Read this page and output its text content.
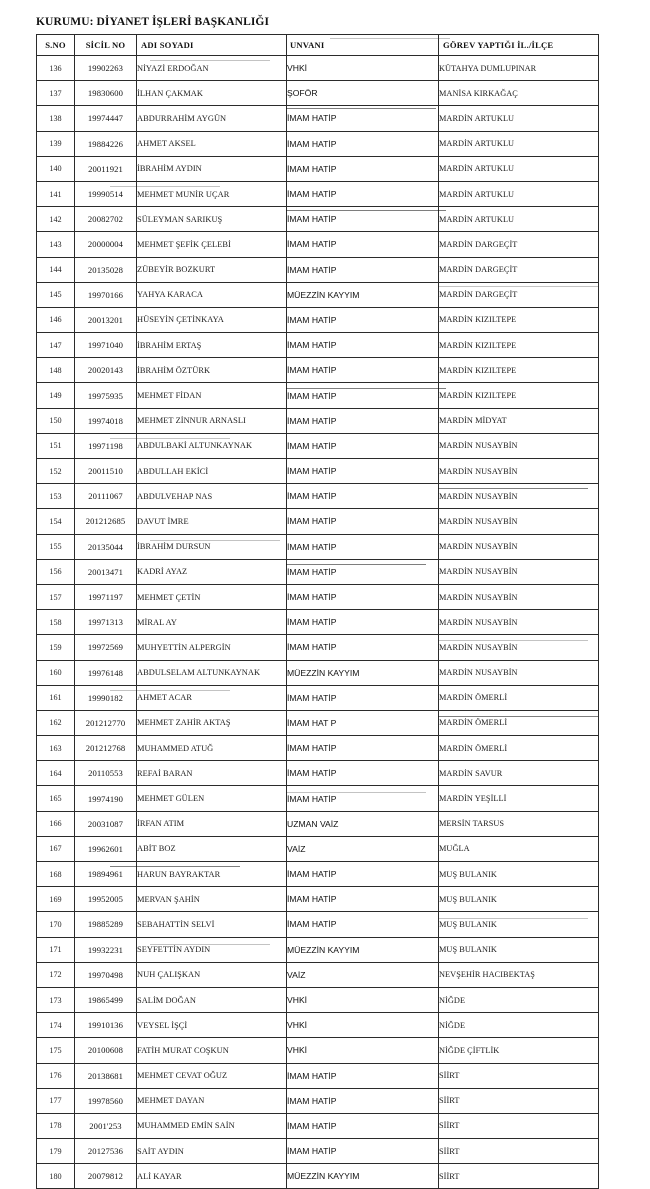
KURUMU: DİYANET İŞLERİ BAŞKANLIĞI
S.NO	SİCİL NO	ADI SOYADI	UNVANI	GÖREV YAPTIĞI İL./İLÇE
136	19902263	NİYAZİ ERDOĞAN	VHKİ	KÜTAHYA DUMLUPINAR
137	19830600	İLHAN ÇAKMAK	ŞOFÖR	MANİSA KIRKAĞAÇ
138	19974447	ABDURRAHİM AYGÜN	İMAM HATİP	MARDİN ARTUKLU
139	19884226	AHMET AKSEL	İMAM HATİP	MARDİN ARTUKLU
140	20011921	İBRAHİM AYDIN	İMAM HATİP	MARDİN ARTUKLU
141	19990514	MEHMET MUNİR UÇAR	İMAM HATİP	MARDİN ARTUKLU
142	20082702	SÜLEYMAN SARIKUŞ	İMAM HATİP	MARDİN ARTUKLU
143	20000004	MEHMET ŞEFİK ÇELEBİ	İMAM HATİP	MARDİN DARGEÇİT
144	20135028	ZÜBEYİR BOZKURT	İMAM HATİP	MARDİN DARGEÇİT
145	19970166	YAHYA KARACA	MÜEZZİN KAYYIM	MARDİN DARGEÇİT
146	20013201	HÜSEYİN ÇETİNKAYA	İMAM HATİP	MARDİN KIZILTEPE
147	19971040	İBRAHİM ERTAŞ	İMAM HATİP	MARDİN KIZILTEPE
148	20020143	İBRAHİM ÖZTÜRK	İMAM HATİP	MARDİN KIZILTEPE
149	19975935	MEHMET FİDAN	İMAM HATİP	MARDİN KIZILTEPE
150	19974018	MEHMET ZİNNUR ARNASLI	İMAM HATİP	MARDİN MİDYAT
151	19971198	ABDULBAKİ ALTUNKAYNAK	İMAM HATİP	MARDİN NUSAYBİN
152	20011510	ABDULLAH EKİCİ	İMAM HATİP	MARDİN NUSAYBİN
153	20111067	ABDULVEHAP NAS	İMAM HATİP	MARDİN NUSAYBİN
154	201212685	DAVUT İMRE	İMAM HATİP	MARDİN NUSAYBİN
155	20135044	İBRAHİM DURSUN	İMAM HATİP	MARDİN NUSAYBİN
156	20013471	KADRİ AYAZ	İMAM HATİP	MARDİN NUSAYBİN
157	19971197	MEHMET ÇETİN	İMAM HATİP	MARDİN NUSAYBİN
158	19971313	MİRAL AY	İMAM HATİP	MARDİN NUSAYBİN
159	19972569	MUHYETTİN ALPERGİN	İMAM HATİP	MARDİN NUSAYBİN
160	19976148	ABDULSELAM ALTUNKAYNAK	MÜEZZİN KAYYIM	MARDİN NUSAYBİN
161	19990182	AHMET ACAR	İMAM HATİP	MARDİN ÖMERLİ
162	201212770	MEHMET ZAHİR AKTAŞ	İMAM HAT P	MARDİN ÖMERLİ
163	201212768	MUHAMMED ATUĞ	İMAM HATİP	MARDİN ÖMERLİ
164	20110553	REFAİ BARAN	İMAM HATİP	MARDİN SAVUR
165	19974190	MEHMET GÜLEN	İMAM HATİP	MARDİN YEŞİLLİ
166	20031087	İRFAN ATIM	UZMAN VAİZ	MERSİN TARSUS
167	19962601	ABİT BOZ	VAİZ	MUĞLA
168	19894961	HARUN BAYRAKTAR	İMAM HATİP	MUŞ BULANIK
169	19952005	MERVAN ŞAHİN	İMAM HATİP	MUŞ BULANIK
170	19885289	SEBAHATTİN SELVİ	İMAM HATİP	MUŞ BULANIK
171	19932231	SEYFETTİN AYDIN	MÜEZZİN KAYYIM	MUŞ BULANIK
172	19970498	NUH ÇALIŞKAN	VAİZ	NEVŞEHİR HACIBEKTAŞ
173	19865499	SALİM DOĞAN	VHKİ	NİĞDE
174	19910136	VEYSEL İŞÇİ	VHKİ	NİĞDE
175	20100608	FATİH MURAT COŞKUN	VHKİ	NİĞDE ÇİFTLİK
176	20138681	MEHMET CEVAT OĞUZ	İMAM HATİP	SİİRT
177	19978560	MEHMET DAYAN	İMAM HATİP	SİİRT
178	2001'253	MUHAMMED EMİN SAİN	İMAM HATİP	SİİRT
179	20127536	SAİT AYDIN	İMAM HATİP	SİİRT
180	20079812	ALİ KAYAR	MÜEZZİN KAYYIM	SİİRT
